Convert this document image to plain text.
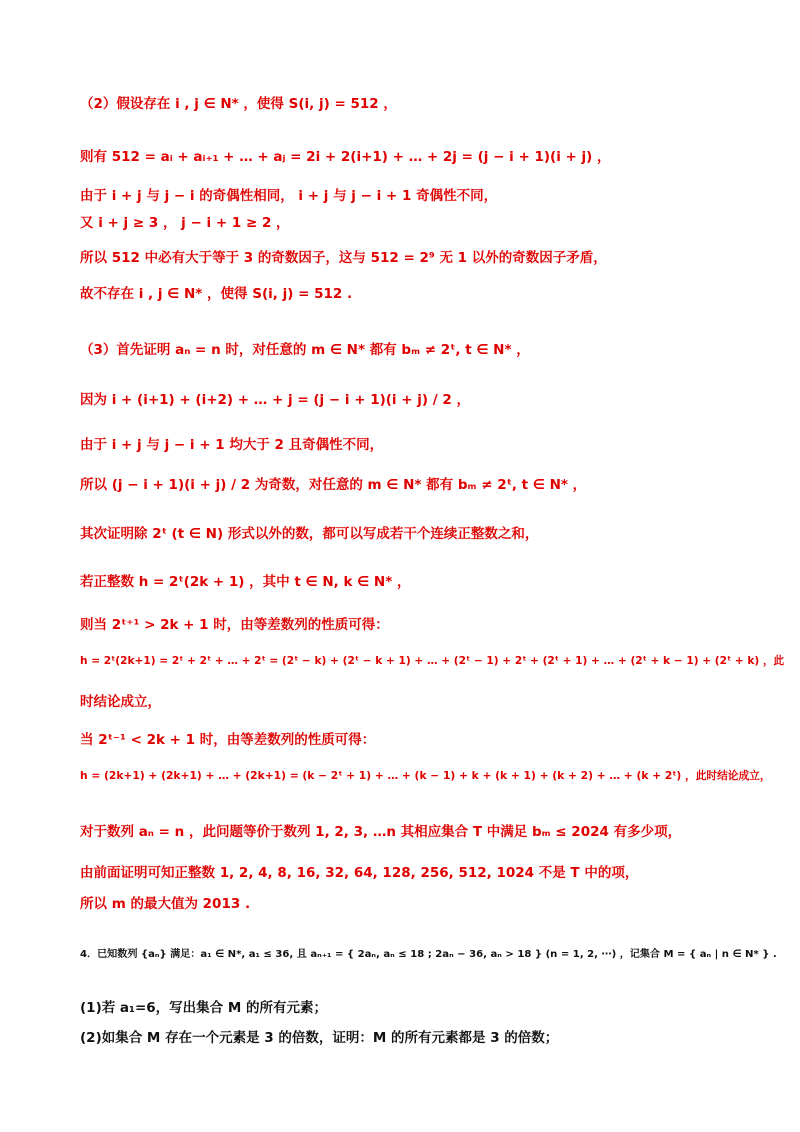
（2）假设存在 i , j ∈ N* ，使得 S(i, j) = 512 ，
则有 512 = aᵢ + aᵢ₊₁ + … + aⱼ = 2i + 2(i+1) + … + 2j = (j − i + 1)(i + j) ，
由于 i + j 与 j − i 的奇偶性相同， i + j 与 j − i + 1 奇偶性不同，
又 i + j ≥ 3 ， j − i + 1 ≥ 2 ，
所以 512 中必有大于等于 3 的奇数因子，这与 512 = 2⁹ 无 1 以外的奇数因子矛盾，
故不存在 i , j ∈ N* ，使得 S(i, j) = 512 .
（3）首先证明 aₙ = n 时，对任意的 m ∈ N* 都有 bₘ ≠ 2ᵗ, t ∈ N* ，
因为 i + (i+1) + (i+2) + … + j = (j − i + 1)(i + j) / 2 ，
由于 i + j 与 j − i + 1 均大于 2 且奇偶性不同，
所以 (j − i + 1)(i + j) / 2 为奇数，对任意的 m ∈ N* 都有 bₘ ≠ 2ᵗ, t ∈ N* ，
其次证明除 2ᵗ (t ∈ N) 形式以外的数，都可以写成若干个连续正整数之和，
若正整数 h = 2ᵗ(2k + 1) ，其中 t ∈ N, k ∈ N* ，
则当 2ᵗ⁺¹ > 2k + 1 时，由等差数列的性质可得：
h = 2ᵗ(2k+1) = 2ᵗ + 2ᵗ + … + 2ᵗ = (2ᵗ − k) + (2ᵗ − k + 1) + … + (2ᵗ − 1) + 2ᵗ + (2ᵗ + 1) + … + (2ᵗ + k − 1) + (2ᵗ + k) ，此
时结论成立，
当 2ᵗ⁻¹ < 2k + 1 时，由等差数列的性质可得：
h = (2k+1) + (2k+1) + … + (2k+1) = (k − 2ᵗ + 1) + … + (k − 1) + k + (k + 1) + (k + 2) + … + (k + 2ᵗ) ，此时结论成立，
对于数列 aₙ = n ，此问题等价于数列 1, 2, 3, …n 其相应集合 T 中满足 bₘ ≤ 2024 有多少项，
由前面证明可知正整数 1, 2, 4, 8, 16, 32, 64, 128, 256, 512, 1024 不是 T 中的项，
所以 m 的最大值为 2013 .
4．已知数列 {aₙ} 满足：a₁ ∈ N*, a₁ ≤ 36, 且 aₙ₊₁ = { 2aₙ, aₙ ≤ 18 ; 2aₙ − 36, aₙ > 18 } (n = 1, 2, ⋯) ，记集合 M = { aₙ | n ∈ N* } .
(1)若 a₁=6，写出集合 M 的所有元素；
(2)如集合 M 存在一个元素是 3 的倍数，证明：M 的所有元素都是 3 的倍数；
